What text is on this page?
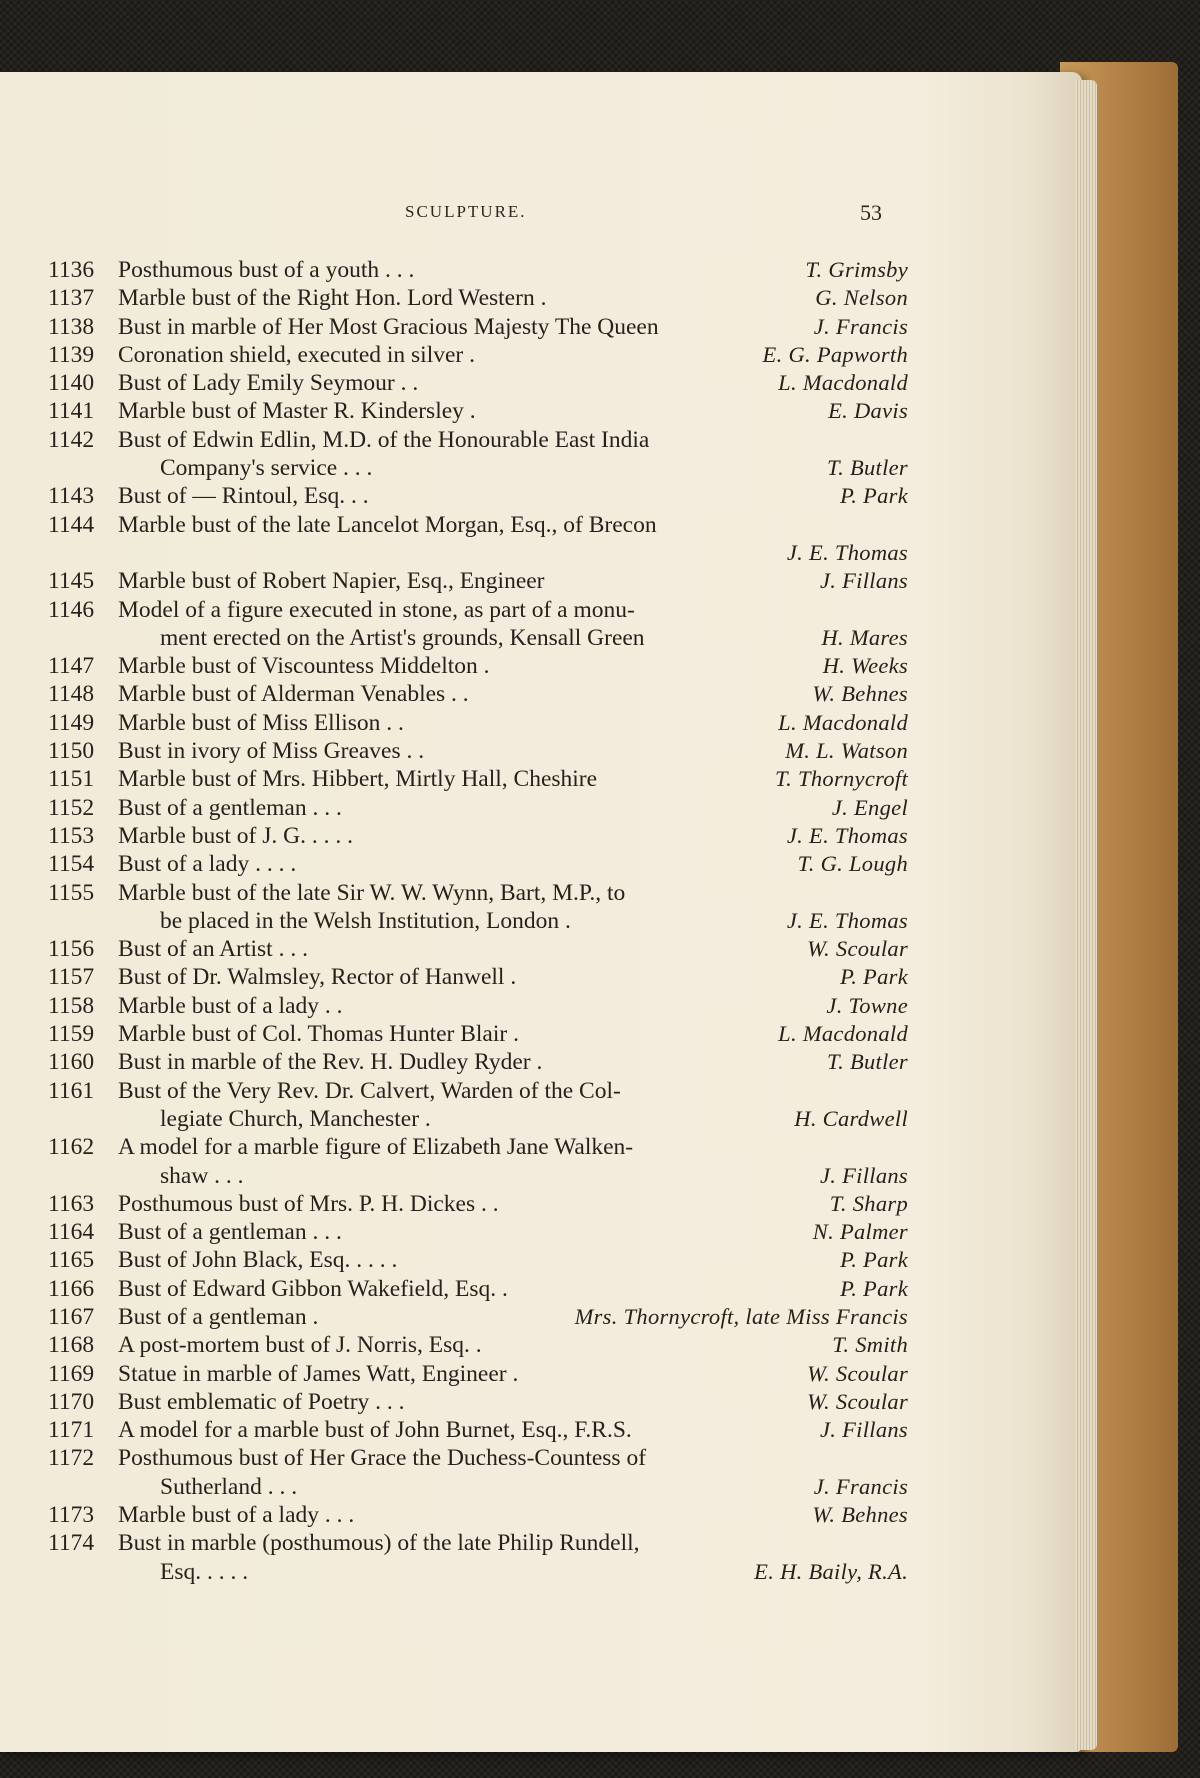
SCULPTURE.	53
1136	Posthumous bust of a youth . . .	T. Grimsby
1137	Marble bust of the Right Hon. Lord Western .	G. Nelson
1138	Bust in marble of Her Most Gracious Majesty The Queen	J. Francis
1139	Coronation shield, executed in silver .	E. G. Papworth
1140	Bust of Lady Emily Seymour . .	L. Macdonald
1141	Marble bust of Master R. Kindersley .	E. Davis
1142	Bust of Edwin Edlin, M.D. of the Honourable East India
Company's service . . .	T. Butler
1143	Bust of — Rintoul, Esq. . .	P. Park
1144	Marble bust of the late Lancelot Morgan, Esq., of Brecon
J. E. Thomas
1145	Marble bust of Robert Napier, Esq., Engineer	J. Fillans
1146	Model of a figure executed in stone, as part of a monu-
ment erected on the Artist's grounds, Kensall Green	H. Mares
1147	Marble bust of Viscountess Middelton .	H. Weeks
1148	Marble bust of Alderman Venables . .	W. Behnes
1149	Marble bust of Miss Ellison . .	L. Macdonald
1150	Bust in ivory of Miss Greaves . .	M. L. Watson
1151	Marble bust of Mrs. Hibbert, Mirtly Hall, Cheshire	T. Thornycroft
1152	Bust of a gentleman . . .	J. Engel
1153	Marble bust of J. G. . . . .	J. E. Thomas
1154	Bust of a lady . . . .	T. G. Lough
1155	Marble bust of the late Sir W. W. Wynn, Bart, M.P., to
be placed in the Welsh Institution, London .	J. E. Thomas
1156	Bust of an Artist . . .	W. Scoular
1157	Bust of Dr. Walmsley, Rector of Hanwell .	P. Park
1158	Marble bust of a lady . .	J. Towne
1159	Marble bust of Col. Thomas Hunter Blair .	L. Macdonald
1160	Bust in marble of the Rev. H. Dudley Ryder .	T. Butler
1161	Bust of the Very Rev. Dr. Calvert, Warden of the Col-
legiate Church, Manchester .	H. Cardwell
1162	A model for a marble figure of Elizabeth Jane Walken-
shaw . . .	J. Fillans
1163	Posthumous bust of Mrs. P. H. Dickes . .	T. Sharp
1164	Bust of a gentleman . . .	N. Palmer
1165	Bust of John Black, Esq. . . . .	P. Park
1166	Bust of Edward Gibbon Wakefield, Esq. .	P. Park
1167	Bust of a gentleman .	Mrs. Thornycroft, late Miss Francis
1168	A post-mortem bust of J. Norris, Esq. .	T. Smith
1169	Statue in marble of James Watt, Engineer .	W. Scoular
1170	Bust emblematic of Poetry . . .	W. Scoular
1171	A model for a marble bust of John Burnet, Esq., F.R.S.	J. Fillans
1172	Posthumous bust of Her Grace the Duchess-Countess of
Sutherland . . .	J. Francis
1173	Marble bust of a lady . . .	W. Behnes
1174	Bust in marble (posthumous) of the late Philip Rundell,
Esq. . . . .	E. H. Baily, R.A.
